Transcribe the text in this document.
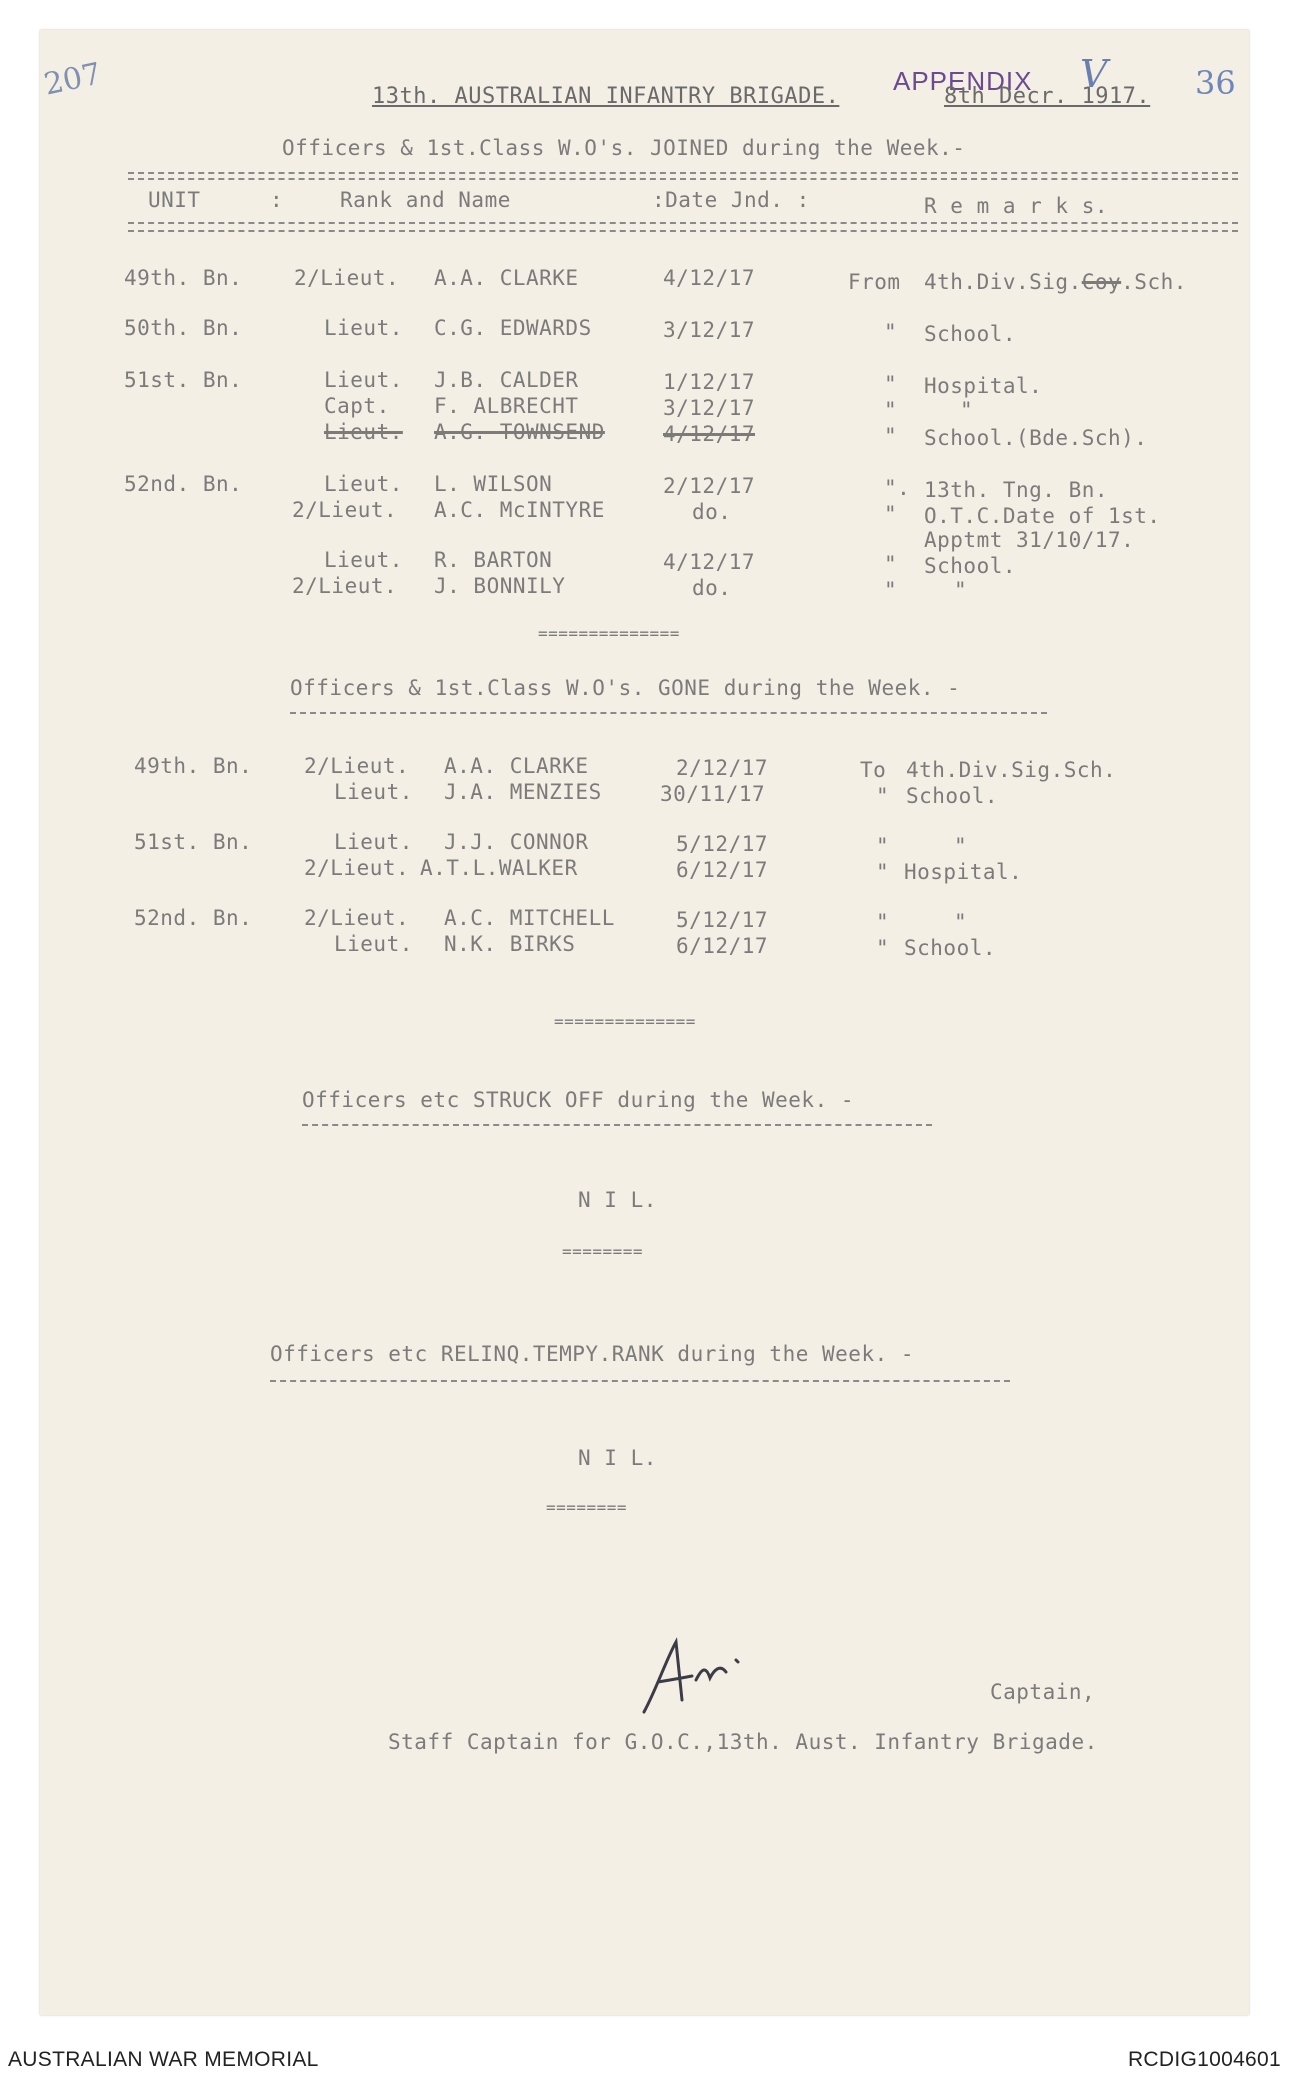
207	36
APPENDIX V
13th. AUSTRALIAN INFANTRY BRIGADE.	8th Decr. 1917.
Officers & 1st.Class W.O's. JOINED during the Week.-
UNIT	:	Rank and Name	:Date Jnd. :	R e m a r k s.
49th. Bn. 2/Lieut. A.A. CLARKE	4/12/17	From 4th.Div.Sig.Coy.Sch.
50th. Bn.	Lieut. C.G. EDWARDS	3/12/17	" School.
51st. Bn.	Lieut. J.B. CALDER	1/12/17	" Hospital.
Capt. F. ALBRECHT	3/12/17	"	"
Lieut. A.G. TOWNSEND	4/12/17	" School.(Bde.Sch).
52nd. Bn.	Lieut. L. WILSON	2/12/17	". 13th. Tng. Bn.
2/Lieut. A.C. McINTYRE	do.	" O.T.C.Date of 1st.
Apptmt 31/10/17.
Lieut. R. BARTON	4/12/17	" School.
2/Lieut. J. BONNILY	do.	"	"
==============
Officers & 1st.Class W.O's. GONE during the Week. -
49th. Bn. 2/Lieut. A.A. CLARKE	2/12/17	To 4th.Div.Sig.Sch.
Lieut. J.A. MENZIES	30/11/17	" School.
51st. Bn.	Lieut. J.J. CONNOR	5/12/17	"	"
2/Lieut. A.T.L.WALKER	6/12/17	" Hospital.
52nd. Bn. 2/Lieut. A.C. MITCHELL	5/12/17	"	"
Lieut. N.K. BIRKS	6/12/17	" School.
==============
Officers etc STRUCK OFF during the Week. -
N I L.
========
Officers etc RELINQ.TEMPY.RANK during the Week. -
N I L.
========
Captain,
Staff Captain for G.O.C.,13th. Aust. Infantry Brigade.
AUSTRALIAN WAR MEMORIAL	RCDIG1004601
